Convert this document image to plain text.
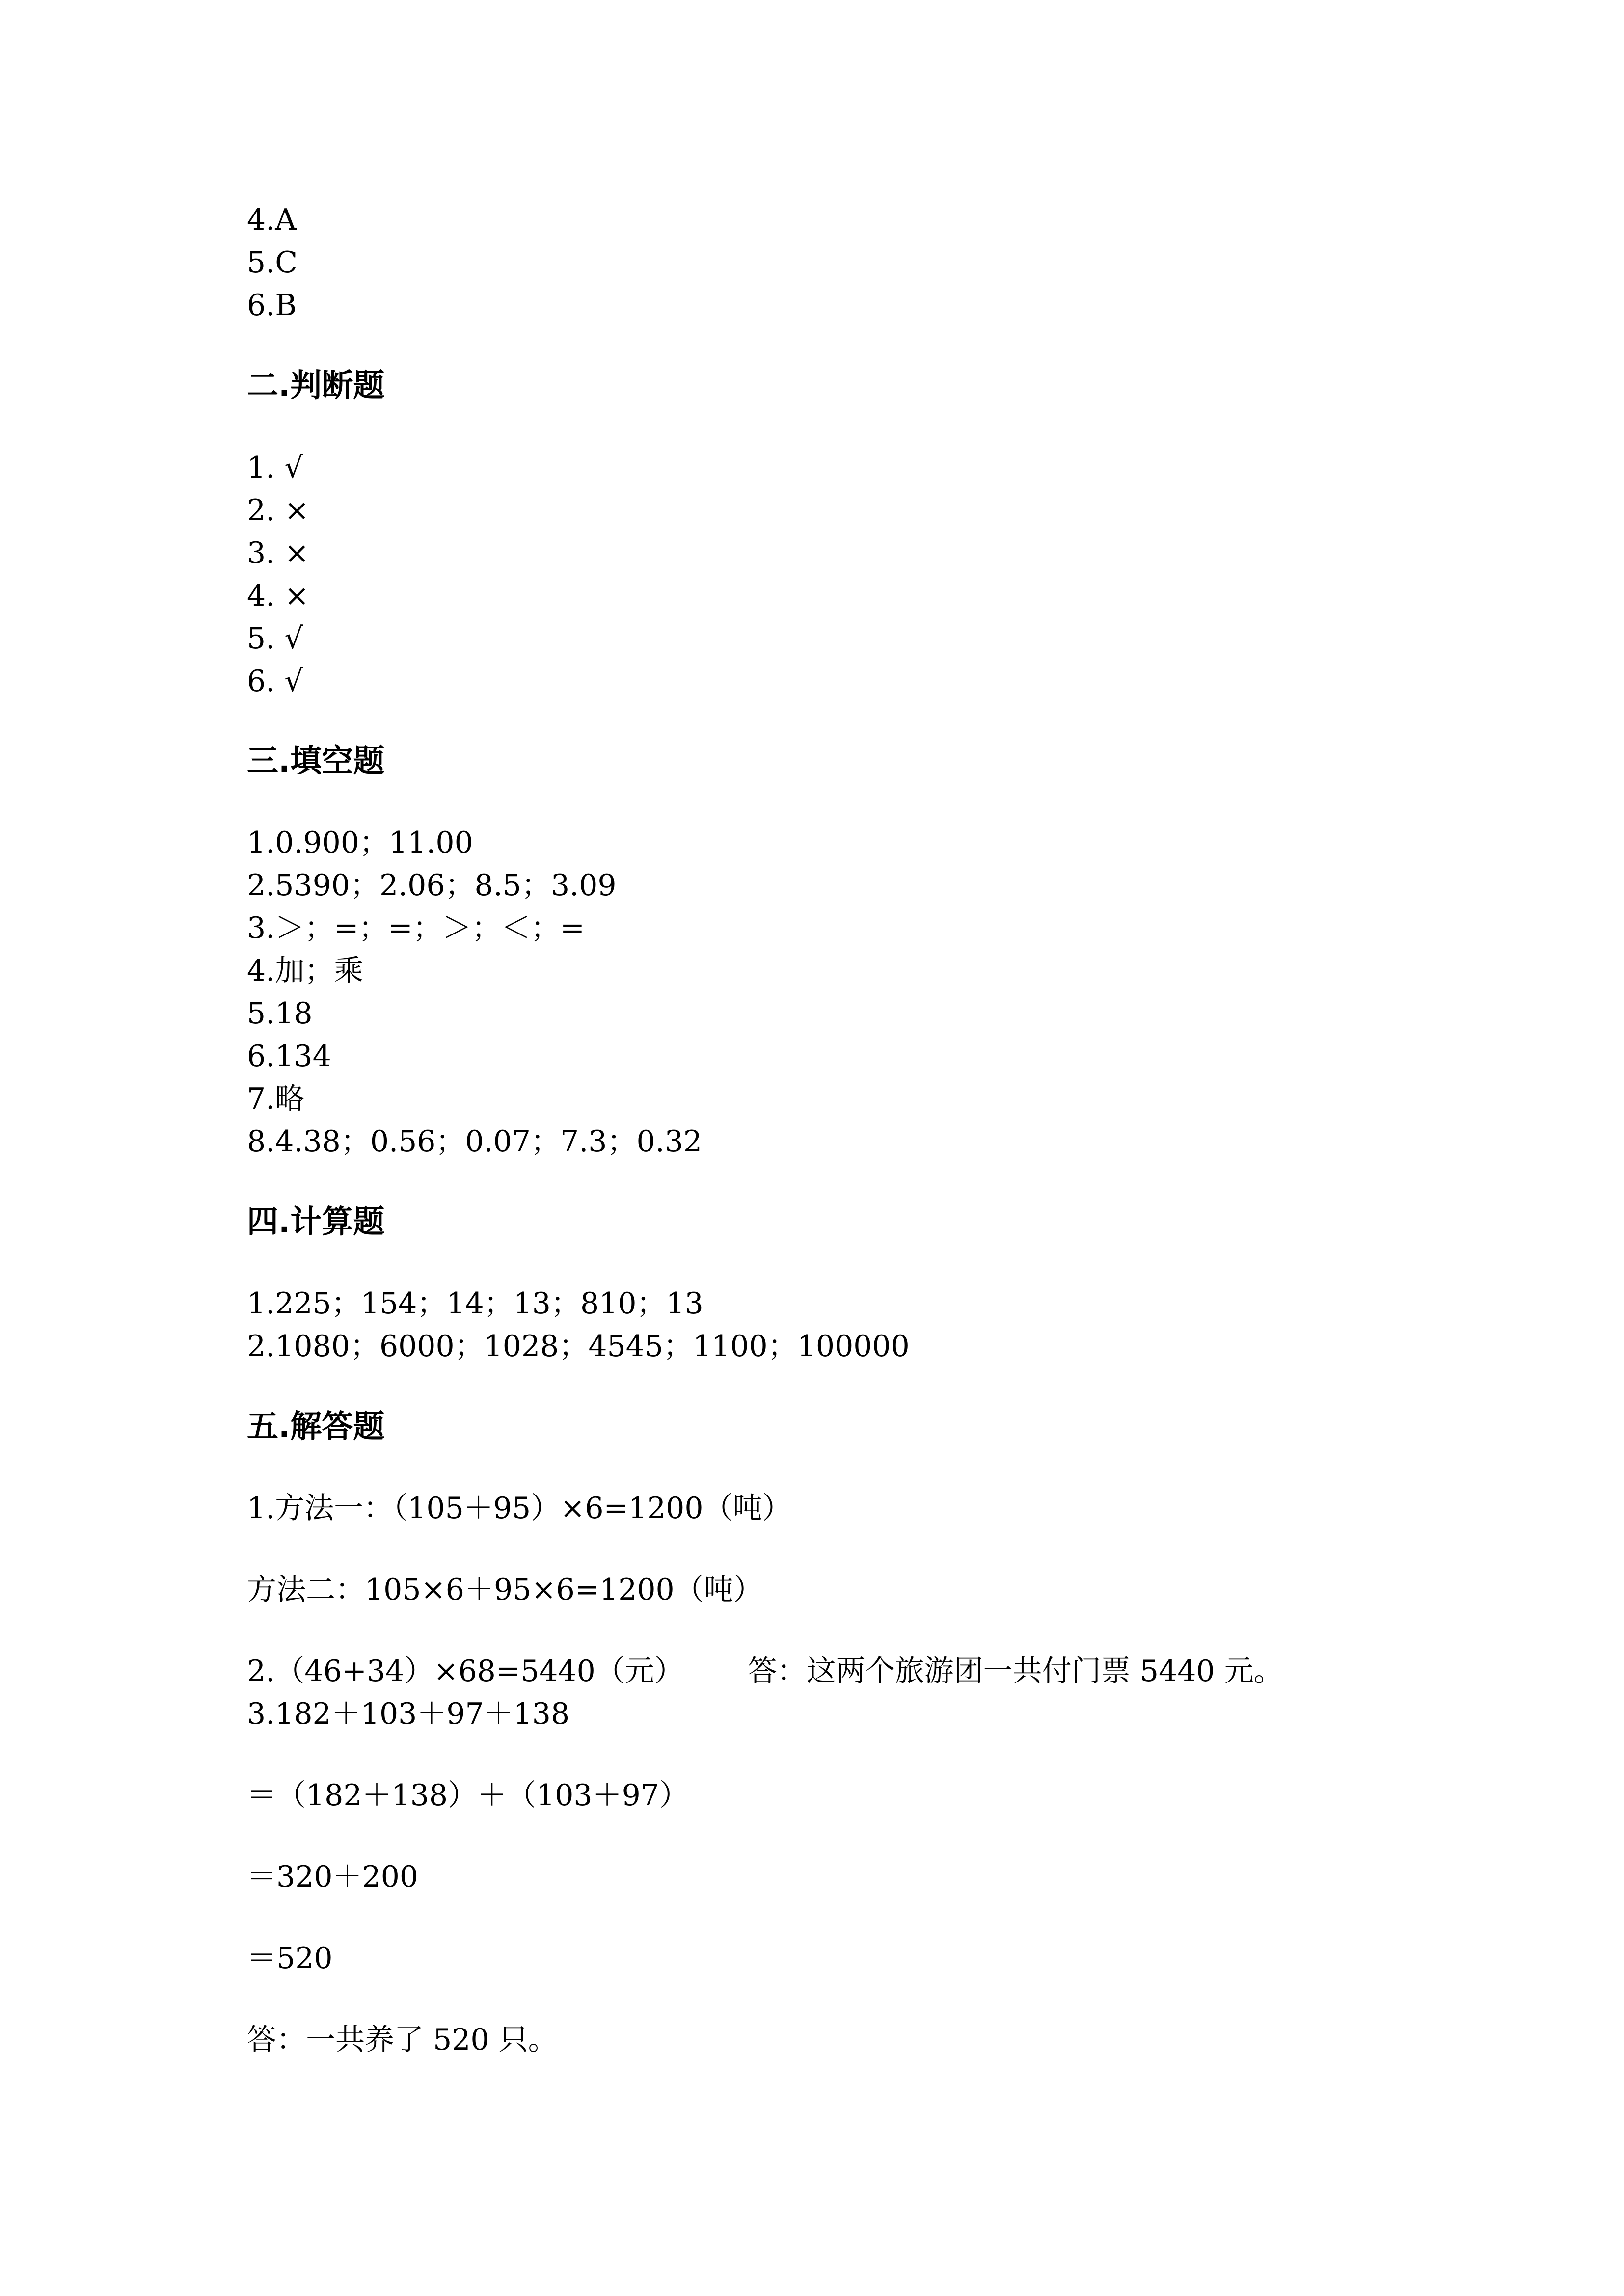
4.A
5.C
6.B
二.判断题
1. √
2. ×
3. ×
4. ×
5. √
6. √
三.填空题
1.0.900；11.00
2.5390；2.06；8.5；3.09
3.＞；=；=；＞；＜；=
4.加；乘
5.18
6.134
7.略
8.4.38；0.56；0.07；7.3；0.32
四.计算题
1.225；154；14；13；810；13
2.1080；6000；1028；4545；1100；100000
五.解答题
1.方法一：（105＋95）×6=1200（吨）
方法二：105×6＋95×6=1200（吨）
2.（46+34）×68=5440（元） 答：这两个旅游团一共付门票 5440 元。
3.182＋103＋97＋138
＝（182＋138）＋（103＋97）
＝320＋200
＝520
答：一共养了 520 只。
